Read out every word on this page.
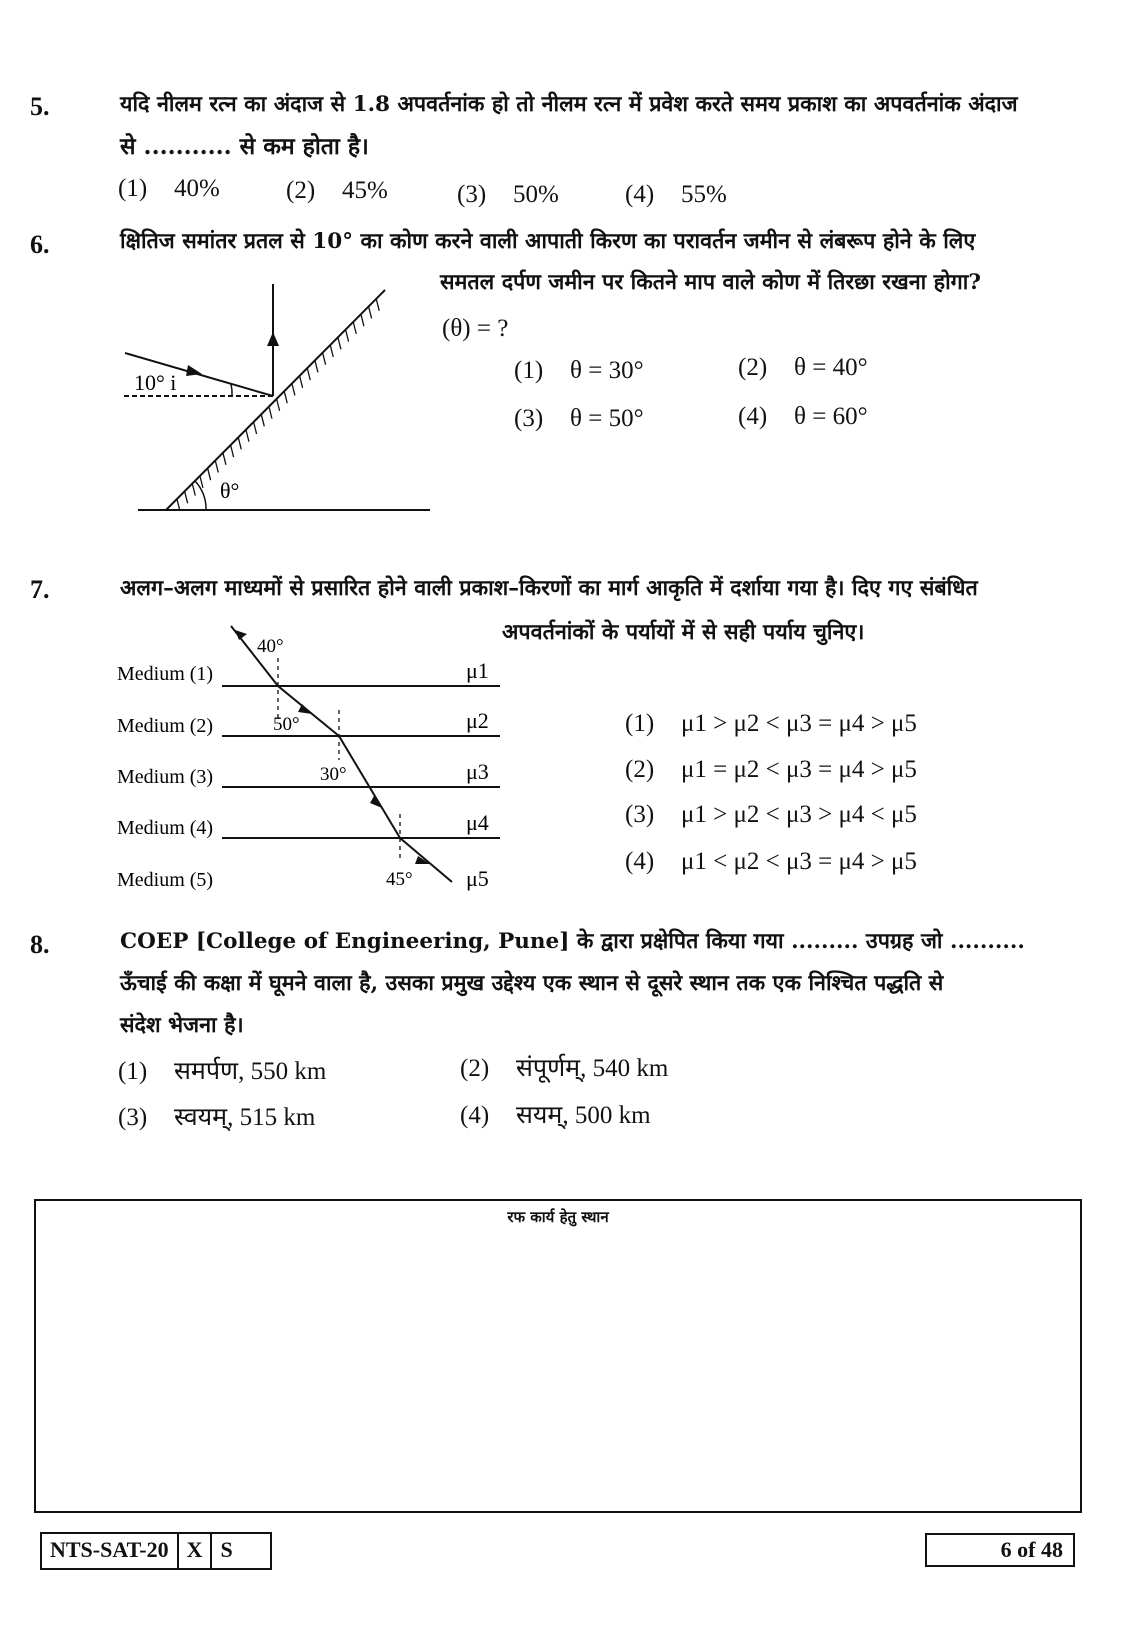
5.	यदि नीलम रत्न का अंदाज से 1.8 अपवर्तनांक हो तो नीलम रत्न में प्रवेश करते समय प्रकाश का अपवर्तनांक अंदाज
से ........... से कम होता है।
(1) 40%	(2) 45%	(3) 50%	(4) 55%
6.	क्षितिज समांतर प्रतल से 10° का कोण करने वाली आपाती किरण का परावर्तन जमीन से लंबरूप होने के लिए
समतल दर्पण जमीन पर कितने माप वाले कोण में तिरछा रखना होगा?
(θ) = ?
10° i
θ°
(1) θ = 30°	(2) θ = 40°
(3) θ = 50°	(4) θ = 60°
7.	अलग–अलग माध्यमों से प्रसारित होने वाली प्रकाश–किरणों का मार्ग आकृति में दर्शाया गया है। दिए गए संबंधित
अपवर्तनांकों के पर्यायों में से सही पर्याय चुनिए।
Medium (1)
Medium (2)
Medium (3)
Medium (4)
Medium (5)
μ1
μ2
μ3
μ4
μ5
40°
50°
30°
45°
(1) μ1 > μ2 < μ3 = μ4 > μ5
(2) μ1 = μ2 < μ3 = μ4 > μ5
(3) μ1 > μ2 < μ3 > μ4 < μ5
(4) μ1 < μ2 < μ3 = μ4 > μ5
8.	COEP [College of Engineering, Pune] के द्वारा प्रक्षेपित किया गया ......... उपग्रह जो ..........
ऊँचाई की कक्षा में घूमने वाला है, उसका प्रमुख उद्देश्य एक स्थान से दूसरे स्थान तक एक निश्चित पद्धति से
संदेश भेजना है।
(1) समर्पण, 550 km	(2) संपूर्णम्, 540 km
(3) स्वयम्, 515 km	(4) सयम्, 500 km
रफ कार्य हेतु स्थान
NTS-SAT-20 X S	6 of 48
